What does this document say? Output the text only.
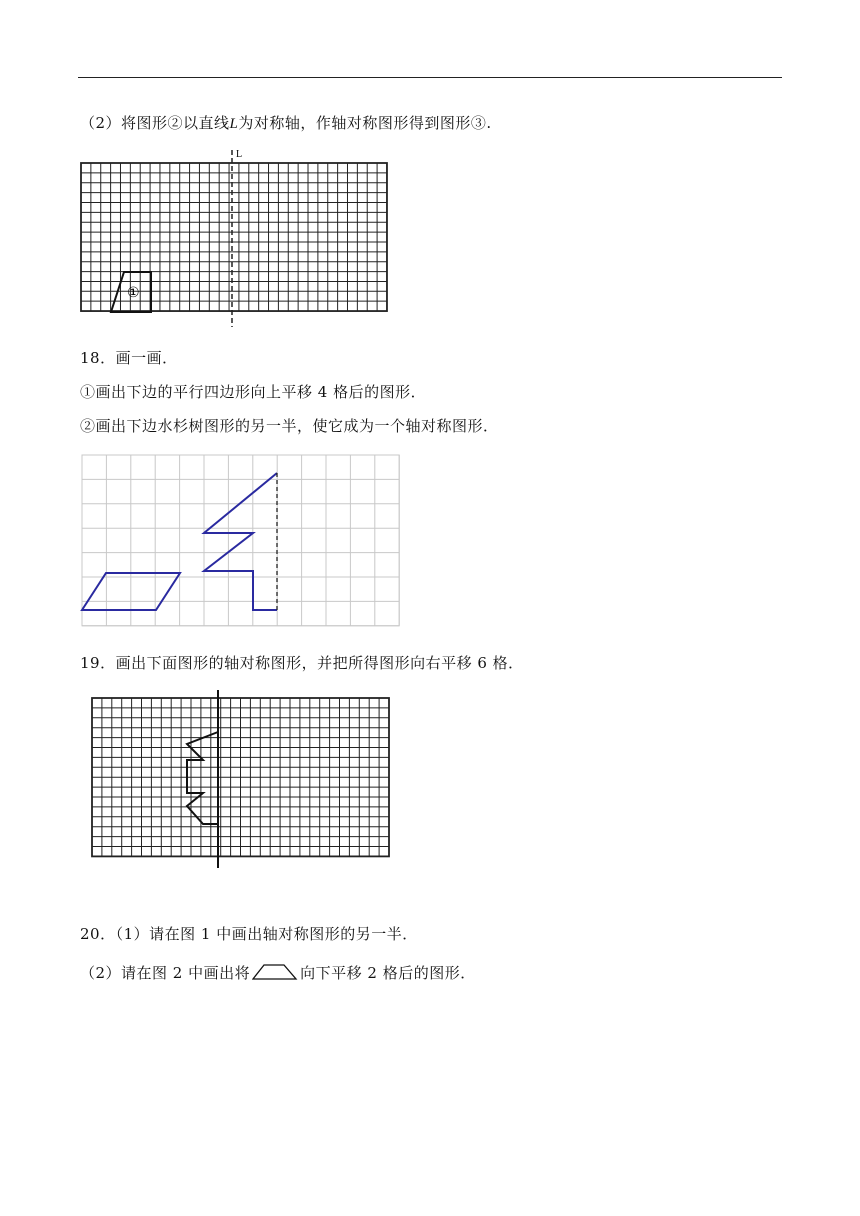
（2）将图形②以直线L为对称轴，作轴对称图形得到图形③.
L
①
18．画一画．
①画出下边的平行四边形向上平移 4 格后的图形．
②画出下边水杉树图形的另一半，使它成为一个轴对称图形．
19．画出下面图形的轴对称图形，并把所得图形向右平移 6 格．
20．（1）请在图 1 中画出轴对称图形的另一半．
（2）请在图 2 中画出将	向下平移 2 格后的图形．
